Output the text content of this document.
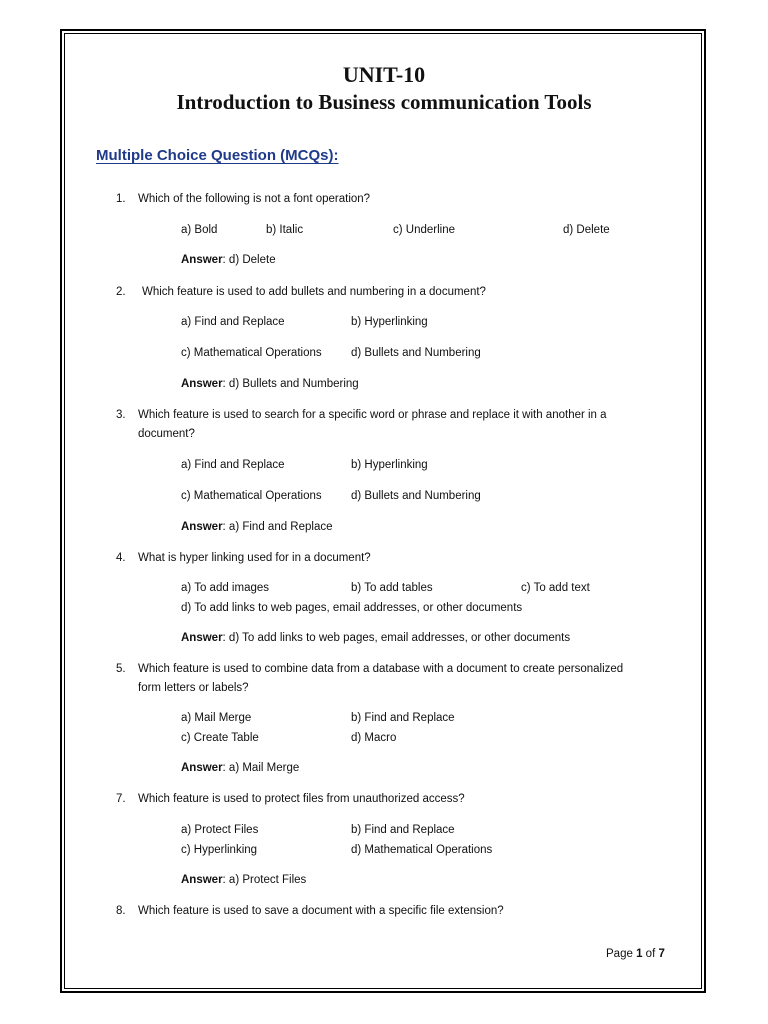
UNIT-10
Introduction to Business communication Tools
Multiple Choice Question (MCQs):
1. Which of the following is not a font operation?
a) Bold	b) Italic	c) Underline	d) Delete
Answer: d) Delete
2. Which feature is used to add bullets and numbering in a document?
a) Find and Replace	b) Hyperlinking
c) Mathematical Operations	d) Bullets and Numbering
Answer: d) Bullets and Numbering
3. Which feature is used to search for a specific word or phrase and replace it with another in a
document?
a) Find and Replace	b) Hyperlinking
c) Mathematical Operations	d) Bullets and Numbering
Answer: a) Find and Replace
4. What is hyper linking used for in a document?
a) To add images	b) To add tables	c) To add text
d) To add links to web pages, email addresses, or other documents
Answer: d) To add links to web pages, email addresses, or other documents
5. Which feature is used to combine data from a database with a document to create personalized
form letters or labels?
a) Mail Merge	b) Find and Replace
c) Create Table	d) Macro
Answer: a) Mail Merge
7. Which feature is used to protect files from unauthorized access?
a) Protect Files	b) Find and Replace
c) Hyperlinking	d) Mathematical Operations
Answer: a) Protect Files
8. Which feature is used to save a document with a specific file extension?
Page 1 of 7
